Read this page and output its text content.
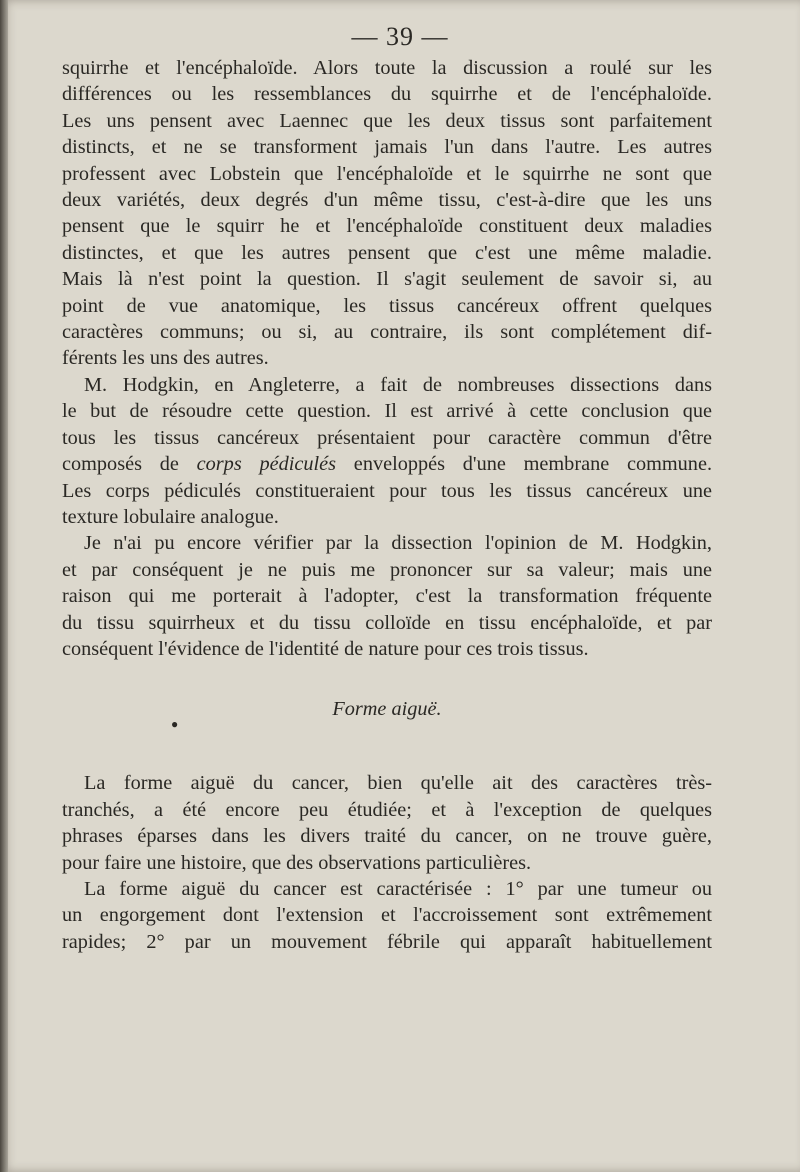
— 39 —
squirrhe et l'encéphaloïde. Alors toute la discussion a roulé sur les
différences ou les ressemblances du squirrhe et de l'encéphaloïde.
Les uns pensent avec Laennec que les deux tissus sont parfaitement
distincts, et ne se transforment jamais l'un dans l'autre. Les autres
professent avec Lobstein que l'encéphaloïde et le squirrhe ne sont que
deux variétés, deux degrés d'un même tissu, c'est-à-dire que les uns
pensent que le squirr he et l'encéphaloïde constituent deux maladies
distinctes, et que les autres pensent que c'est une même maladie.
Mais là n'est point la question. Il s'agit seulement de savoir si, au
point de vue anatomique, les tissus cancéreux offrent quelques
caractères communs; ou si, au contraire, ils sont complétement dif-
férents les uns des autres.
M. Hodgkin, en Angleterre, a fait de nombreuses dissections dans
le but de résoudre cette question. Il est arrivé à cette conclusion que
tous les tissus cancéreux présentaient pour caractère commun d'être
composés de corps pédiculés enveloppés d'une membrane commune.
Les corps pédiculés constitueraient pour tous les tissus cancéreux une
texture lobulaire analogue.
Je n'ai pu encore vérifier par la dissection l'opinion de M. Hodgkin,
et par conséquent je ne puis me prononcer sur sa valeur; mais une
raison qui me porterait à l'adopter, c'est la transformation fréquente
du tissu squirrheux et du tissu colloïde en tissu encéphaloïde, et par
conséquent l'évidence de l'identité de nature pour ces trois tissus.
Forme aiguë.
La forme aiguë du cancer, bien qu'elle ait des caractères très-
tranchés, a été encore peu étudiée; et à l'exception de quelques
phrases éparses dans les divers traité du cancer, on ne trouve guère,
pour faire une histoire, que des observations particulières.
La forme aiguë du cancer est caractérisée : 1° par une tumeur ou
un engorgement dont l'extension et l'accroissement sont extrêmement
rapides; 2° par un mouvement fébrile qui apparaît habituellement
●
